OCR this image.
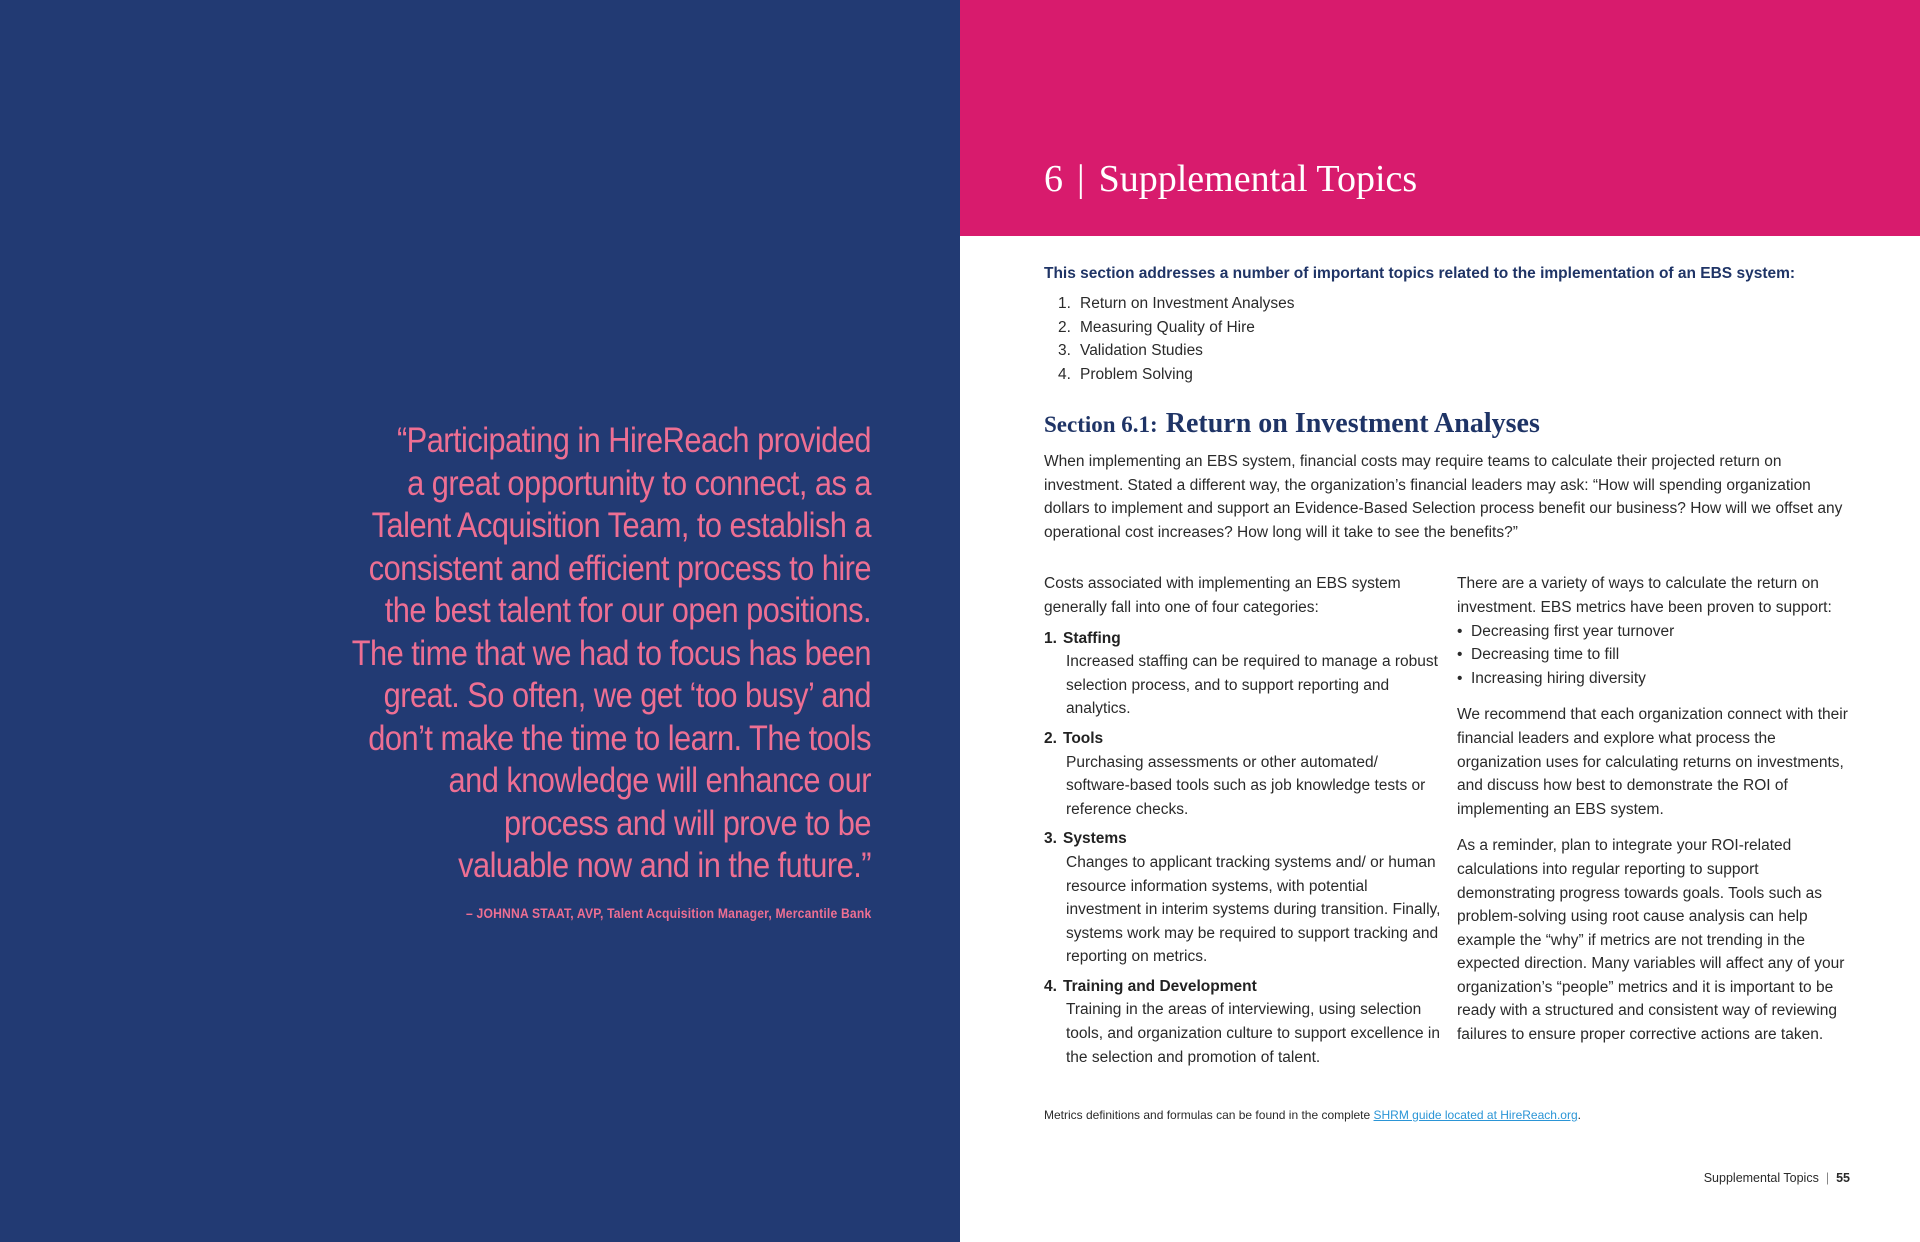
“Participating in HireReach provided
a great opportunity to connect, as a
Talent Acquisition Team, to establish a
consistent and efficient process to hire
the best talent for our open positions.
The time that we had to focus has been
great. So often, we get ‘too busy’ and
don’t make the time to learn. The tools
and knowledge will enhance our
process and will prove to be
valuable now and in the future.”
– JOHNNA STAAT, AVP, Talent Acquisition Manager, Mercantile Bank
6 | Supplemental Topics

This section addresses a number of important topics related to the implementation of an EBS system:

1. Return on Investment Analyses
2. Measuring Quality of Hire
3. Validation Studies
4. Problem Solving
Section 6.1: Return on Investment Analyses

When implementing an EBS system, financial costs may require teams to calculate their projected return on investment. Stated a different way, the organization’s financial leaders may ask: “How will spending organization dollars to implement and support an Evidence-Based Selection process benefit our business? How will we offset any operational cost increases? How long will it take to see the benefits?”

Costs associated with implementing an EBS system generally fall into one of four categories:

1. Staffing
Increased staffing can be required to manage a robust selection process, and to support reporting and analytics.
2. Tools
Purchasing assessments or other automated/ software-based tools such as job knowledge tests or reference checks.
3. Systems
Changes to applicant tracking systems and/ or human resource information systems, with potential investment in interim systems during transition. Finally, systems work may be required to support tracking and reporting on metrics.
4. Training and Development
Training in the areas of interviewing, using selection tools, and organization culture to support excellence in the selection and promotion of talent.

There are a variety of ways to calculate the return on investment. EBS metrics have been proven to support:

• Decreasing first year turnover
• Decreasing time to fill
• Increasing hiring diversity

We recommend that each organization connect with their financial leaders and explore what process the organization uses for calculating returns on investments, and discuss how best to demonstrate the ROI of implementing an EBS system.

As a reminder, plan to integrate your ROI-related calculations into regular reporting to support demonstrating progress towards goals. Tools such as problem-solving using root cause analysis can help example the “why” if metrics are not trending in the expected direction. Many variables will affect any of your organization’s “people” metrics and it is important to be ready with a structured and consistent way of reviewing failures to ensure proper corrective actions are taken.

Metrics definitions and formulas can be found in the complete SHRM guide located at HireReach.org.
Supplemental Topics | 55
